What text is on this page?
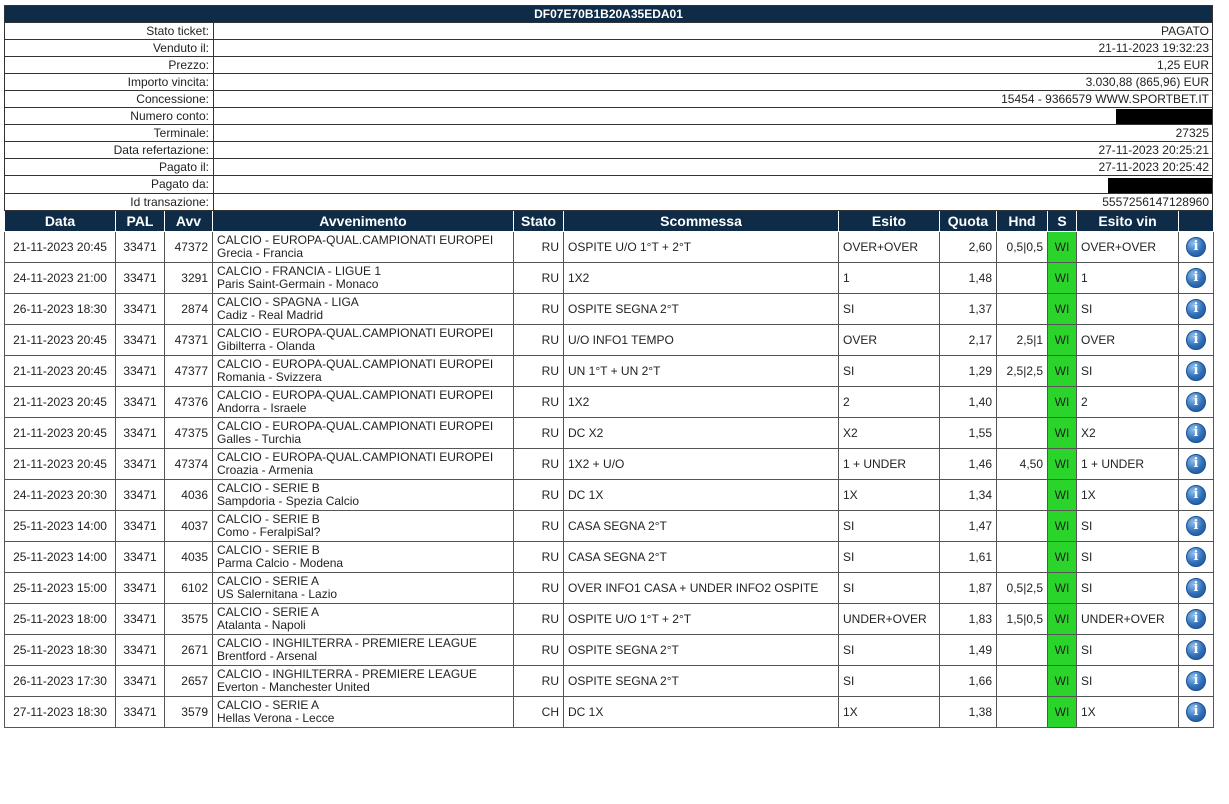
DF07E70B1B20A35EDA01	
Stato ticket:	PAGATO
Venduto il:	21-11-2023 19:32:23
Prezzo:	1,25 EUR
Importo vincita:	3.030,88 (865,96) EUR
Concessione:	15454 - 9366579 WWW.SPORTBET.IT
Numero conto:	
Terminale:	27325
Data refertazione:	27-11-2023 20:25:21
Pagato il:	27-11-2023 20:25:42
Pagato da:	
Id transazione:	5557256147128960
Data	PAL	Avv	Avvenimento	Stato	Scommessa	Esito	Quota	Hnd	S	Esito vin	
21-11-2023 20:45	33471	47372	CALCIO - EUROPA-QUAL.CAMPIONATI EUROPEI
Grecia - Francia	RU	OSPITE U/O 1°T + 2°T	OVER+OVER	2,60	0,5|0,5	WI	OVER+OVER	i
24-11-2023 21:00	33471	3291	CALCIO - FRANCIA - LIGUE 1
Paris Saint-Germain - Monaco	RU	1X2	1	1,48		WI	1	i
26-11-2023 18:30	33471	2874	CALCIO - SPAGNA - LIGA
Cadiz - Real Madrid	RU	OSPITE SEGNA 2°T	SI	1,37		WI	SI	i
21-11-2023 20:45	33471	47371	CALCIO - EUROPA-QUAL.CAMPIONATI EUROPEI
Gibilterra - Olanda	RU	U/O INFO1 TEMPO	OVER	2,17	2,5|1	WI	OVER	i
21-11-2023 20:45	33471	47377	CALCIO - EUROPA-QUAL.CAMPIONATI EUROPEI
Romania - Svizzera	RU	UN 1°T + UN 2°T	SI	1,29	2,5|2,5	WI	SI	i
21-11-2023 20:45	33471	47376	CALCIO - EUROPA-QUAL.CAMPIONATI EUROPEI
Andorra - Israele	RU	1X2	2	1,40		WI	2	i
21-11-2023 20:45	33471	47375	CALCIO - EUROPA-QUAL.CAMPIONATI EUROPEI
Galles - Turchia	RU	DC X2	X2	1,55		WI	X2	i
21-11-2023 20:45	33471	47374	CALCIO - EUROPA-QUAL.CAMPIONATI EUROPEI
Croazia - Armenia	RU	1X2 + U/O	1 + UNDER	1,46	4,50	WI	1 + UNDER	i
24-11-2023 20:30	33471	4036	CALCIO - SERIE B
Sampdoria - Spezia Calcio	RU	DC 1X	1X	1,34		WI	1X	i
25-11-2023 14:00	33471	4037	CALCIO - SERIE B
Como - FeralpiSal?	RU	CASA SEGNA 2°T	SI	1,47		WI	SI	i
25-11-2023 14:00	33471	4035	CALCIO - SERIE B
Parma Calcio - Modena	RU	CASA SEGNA 2°T	SI	1,61		WI	SI	i
25-11-2023 15:00	33471	6102	CALCIO - SERIE A
US Salernitana - Lazio	RU	OVER INFO1 CASA + UNDER INFO2 OSPITE	SI	1,87	0,5|2,5	WI	SI	i
25-11-2023 18:00	33471	3575	CALCIO - SERIE A
Atalanta - Napoli	RU	OSPITE U/O 1°T + 2°T	UNDER+OVER	1,83	1,5|0,5	WI	UNDER+OVER	i
25-11-2023 18:30	33471	2671	CALCIO - INGHILTERRA - PREMIERE LEAGUE
Brentford - Arsenal	RU	OSPITE SEGNA 2°T	SI	1,49		WI	SI	i
26-11-2023 17:30	33471	2657	CALCIO - INGHILTERRA - PREMIERE LEAGUE
Everton - Manchester United	RU	OSPITE SEGNA 2°T	SI	1,66		WI	SI	i
27-11-2023 18:30	33471	3579	CALCIO - SERIE A
Hellas Verona - Lecce	CH	DC 1X	1X	1,38		WI	1X	i
